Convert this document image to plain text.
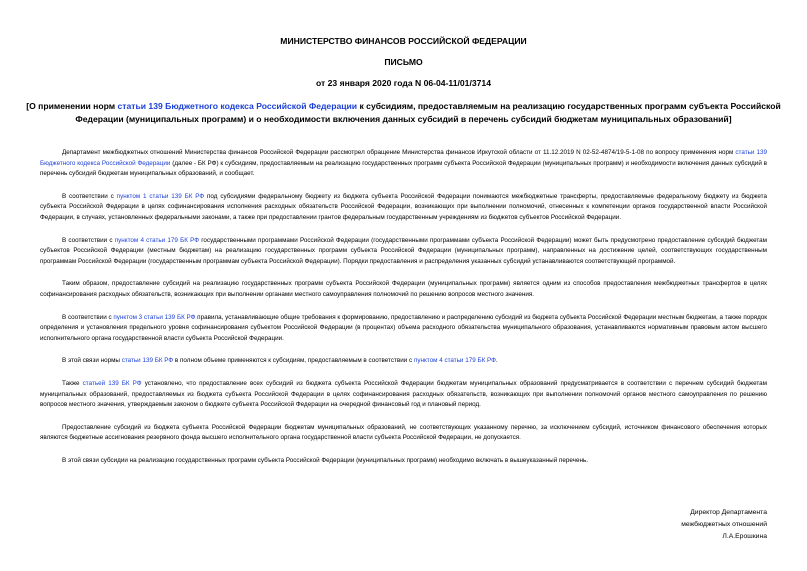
МИНИСТЕРСТВО ФИНАНСОВ РОССИЙСКОЙ ФЕДЕРАЦИИ
ПИСЬМО
от 23 января 2020 года N 06-04-11/01/3714
[О применении норм статьи 139 Бюджетного кодекса Российской Федерации к субсидиям, предоставляемым на реализацию государственных программ субъекта Российской Федерации (муниципальных программ) и о необходимости включения данных субсидий в перечень субсидий бюджетам муниципальных образований]

Департамент межбюджетных отношений Министерства финансов Российской Федерации рассмотрел обращение Министерства финансов Иркутской области от 11.12.2019 N 02-52-4874/19-5-1-08 по вопросу применения норм статьи 139 Бюджетного кодекса Российской Федерации (далее - БК РФ) к субсидиям, предоставляемым на реализацию государственных программ субъекта Российской Федерации (муниципальных программ) и необходимости включения данных субсидий в перечень субсидий бюджетам муниципальных образований, и сообщает.

В соответствии с пунктом 1 статьи 139 БК РФ под субсидиями федеральному бюджету из бюджета субъекта Российской Федерации понимаются межбюджетные трансферты, предоставляемые федеральному бюджету из бюджета субъекта Российской Федерации в целях софинансирования исполнения расходных обязательств Российской Федерации, возникающих при выполнении полномочий, отнесенных к компетенции органов государственной власти Российской Федерации, в случаях, установленных федеральными законами, а также при предоставлении грантов федеральным государственным учреждениям из бюджетов субъектов Российской Федерации.

В соответствии с пунктом 4 статьи 179 БК РФ государственными программами Российской Федерации (государственными программами субъекта Российской Федерации) может быть предусмотрено предоставление субсидий бюджетам субъектов Российской Федерации (местным бюджетам) на реализацию государственных программ субъекта Российской Федерации (муниципальных программ), направленных на достижение целей, соответствующих государственным программам Российской Федерации (государственным программам субъекта Российской Федерации). Порядки предоставления и распределения указанных субсидий устанавливаются соответствующей программой.

Таким образом, предоставление субсидий на реализацию государственных программ субъекта Российской Федерации (муниципальных программ) является одним из способов предоставления межбюджетных трансфертов в целях софинансирования расходных обязательств, возникающих при выполнении органами местного самоуправления полномочий по решению вопросов местного значения.

В соответствии с пунктом 3 статьи 139 БК РФ правила, устанавливающие общие требования к формированию, предоставлению и распределению субсидий из бюджета субъекта Российской Федерации местным бюджетам, а также порядок определения и установления предельного уровня софинансирования субъектом Российской Федерации (в процентах) объема расходного обязательства муниципального образования, устанавливаются нормативным правовым актом высшего исполнительного органа государственной власти субъекта Российской Федерации.

В этой связи нормы статьи 139 БК РФ в полном объеме применяются к субсидиям, предоставляемым в соответствии с пунктом 4 статьи 179 БК РФ.

Также статьей 139 БК РФ установлено, что предоставление всех субсидий из бюджета субъекта Российской Федерации бюджетам муниципальных образований предусматривается в соответствии с перечнем субсидий бюджетам муниципальных образований, предоставляемых из бюджета субъекта Российской Федерации в целях софинансирования расходных обязательств, возникающих при выполнении полномочий органов местного самоуправления по решению вопросов местного значения, утверждаемым законом о бюджете субъекта Российской Федерации на очередной финансовый год и плановый период.

Предоставление субсидий из бюджета субъекта Российской Федерации бюджетам муниципальных образований, не соответствующих указанному перечню, за исключением субсидий, источником финансового обеспечения которых являются бюджетные ассигнования резервного фонда высшего исполнительного органа государственной власти субъекта Российской Федерации, не допускается.

В этой связи субсидии на реализацию государственных программ субъекта Российской Федерации (муниципальных программ) необходимо включать в вышеуказанный перечень.

Директор Департамента
межбюджетных отношений
Л.А.Ерошкина
